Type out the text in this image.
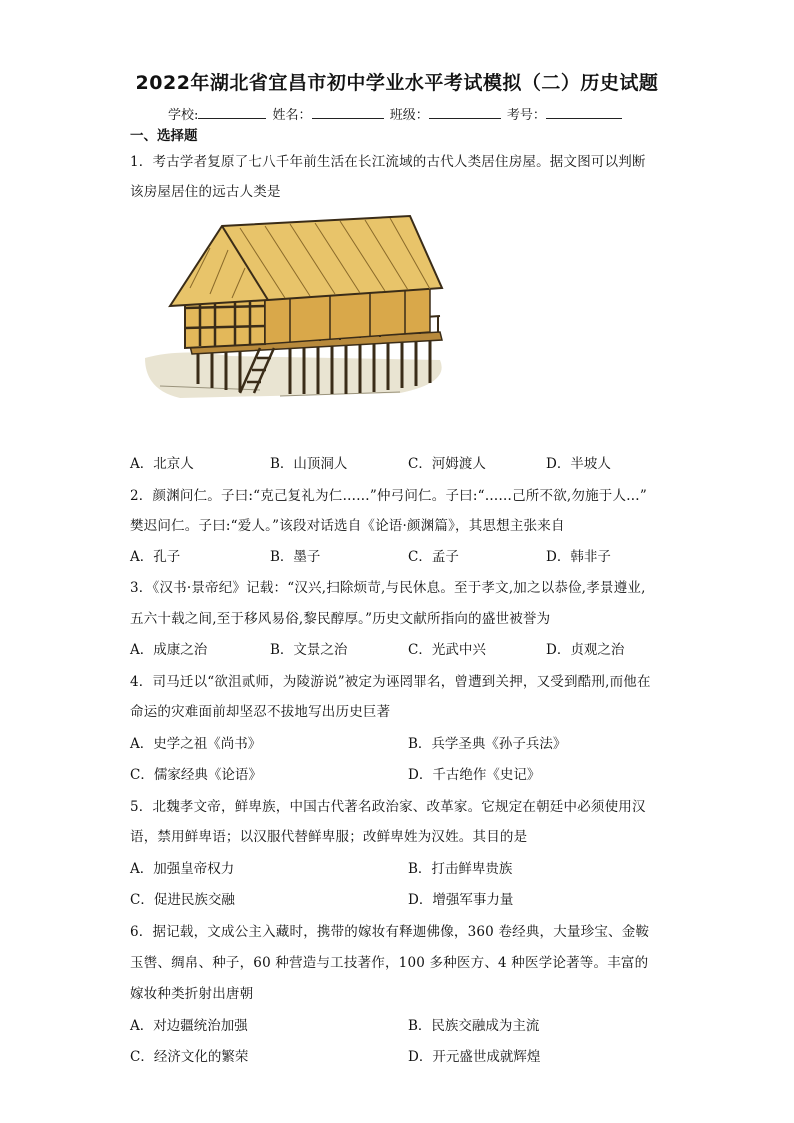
2022年湖北省宜昌市初中学业水平考试模拟（二）历史试题
学校:	姓名：	班级：	考号：
一、选择题
1．考古学者复原了七八千年前生活在长江流域的古代人类居住房屋。据文图可以判断
该房屋居住的远古人类是
A．北京人	B．山顶洞人	C．河姆渡人	D．半坡人
2．颜渊问仁。子曰:“克己复礼为仁……”仲弓问仁。子曰:“……己所不欲,勿施于人…”
樊迟问仁。子曰:“爱人。”该段对话选自《论语·颜渊篇》，其思想主张来自
A．孔子	B．墨子	C．孟子	D．韩非子
3．《汉书·景帝纪》记载：“汉兴,扫除烦苛,与民休息。至于孝文,加之以恭俭,孝景遵业,
五六十载之间,至于移风易俗,黎民醇厚。”历史文献所指向的盛世被誉为
A．成康之治	B．文景之治	C．光武中兴	D．贞观之治
4．司马迁以“欲沮贰师，为陵游说”被定为诬罔罪名，曾遭到关押，又受到酷刑,而他在
命运的灾难面前却坚忍不拔地写出历史巨著
A．史学之祖《尚书》	B．兵学圣典《孙子兵法》
C．儒家经典《论语》	D．千古绝作《史记》
5．北魏孝文帝，鲜卑族，中国古代著名政治家、改革家。它规定在朝廷中必须使用汉
语，禁用鲜卑语；以汉服代替鲜卑服；改鲜卑姓为汉姓。其目的是
A．加强皇帝权力	B．打击鲜卑贵族
C．促进民族交融	D．增强军事力量
6．据记载，文成公主入藏时，携带的嫁妆有释迦佛像，360 卷经典，大量珍宝、金鞍
玉辔、绸帛、种子，60 种营造与工技著作，100 多种医方、4 种医学论著等。丰富的
嫁妆种类折射出唐朝
A．对边疆统治加强	B．民族交融成为主流
C．经济文化的繁荣	D．开元盛世成就辉煌
